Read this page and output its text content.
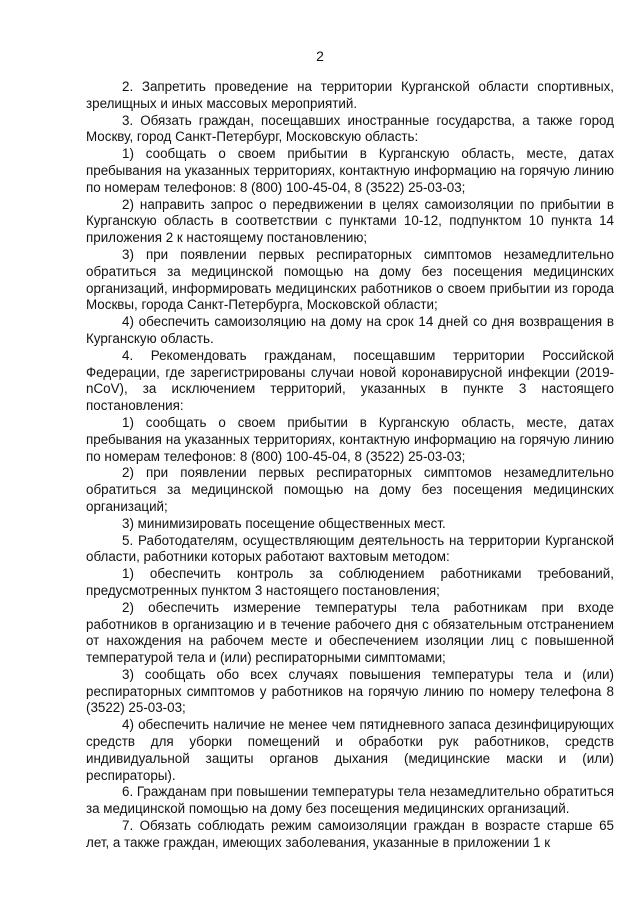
2

2. Запретить проведение на территории Курганской области спортивных, зрелищных и иных массовых мероприятий.

3. Обязать граждан, посещавших иностранные государства, а также город Москву, город Санкт-Петербург, Московскую область:

1) сообщать о своем прибытии в Курганскую область, месте, датах пребывания на указанных территориях, контактную информацию на горячую линию по номерам телефонов: 8 (800) 100-45-04, 8 (3522) 25-03-03;

2) направить запрос о передвижении в целях самоизоляции по прибытии в Курганскую область в соответствии с пунктами 10-12, подпунктом 10 пункта 14 приложения 2 к настоящему постановлению;

3) при появлении первых респираторных симптомов незамедлительно обратиться за медицинской помощью на дому без посещения медицинских организаций, информировать медицинских работников о своем прибытии из города Москвы, города Санкт-Петербурга, Московской области;

4) обеспечить самоизоляцию на дому на срок 14 дней со дня возвращения в Курганскую область.

4. Рекомендовать гражданам, посещавшим территории Российской Федерации, где зарегистрированы случаи новой коронавирусной инфекции (2019-nCoV), за исключением территорий, указанных в пункте 3 настоящего постановления:

1) сообщать о своем прибытии в Курганскую область, месте, датах пребывания на указанных территориях, контактную информацию на горячую линию по номерам телефонов: 8 (800) 100-45-04, 8 (3522) 25-03-03;

2) при появлении первых респираторных симптомов незамедлительно обратиться за медицинской помощью на дому без посещения медицинских организаций;

3) минимизировать посещение общественных мест.

5. Работодателям, осуществляющим деятельность на территории Курганской области, работники которых работают вахтовым методом:

1) обеспечить контроль за соблюдением работниками требований, предусмотренных пунктом 3 настоящего постановления;

2) обеспечить измерение температуры тела работникам при входе работников в организацию и в течение рабочего дня с обязательным отстранением от нахождения на рабочем месте и обеспечением изоляции лиц с повышенной температурой тела и (или) респираторными симптомами;

3) сообщать обо всех случаях повышения температуры тела и (или) респираторных симптомов у работников на горячую линию по номеру телефона 8 (3522) 25-03-03;

4) обеспечить наличие не менее чем пятидневного запаса дезинфицирующих средств для уборки помещений и обработки рук работников, средств индивидуальной защиты органов дыхания (медицинские маски и (или) респираторы).

6. Гражданам при повышении температуры тела незамедлительно обратиться за медицинской помощью на дому без посещения медицинских организаций.

7. Обязать соблюдать режим самоизоляции граждан в возрасте старше 65 лет, а также граждан, имеющих заболевания, указанные в приложении 1 к
